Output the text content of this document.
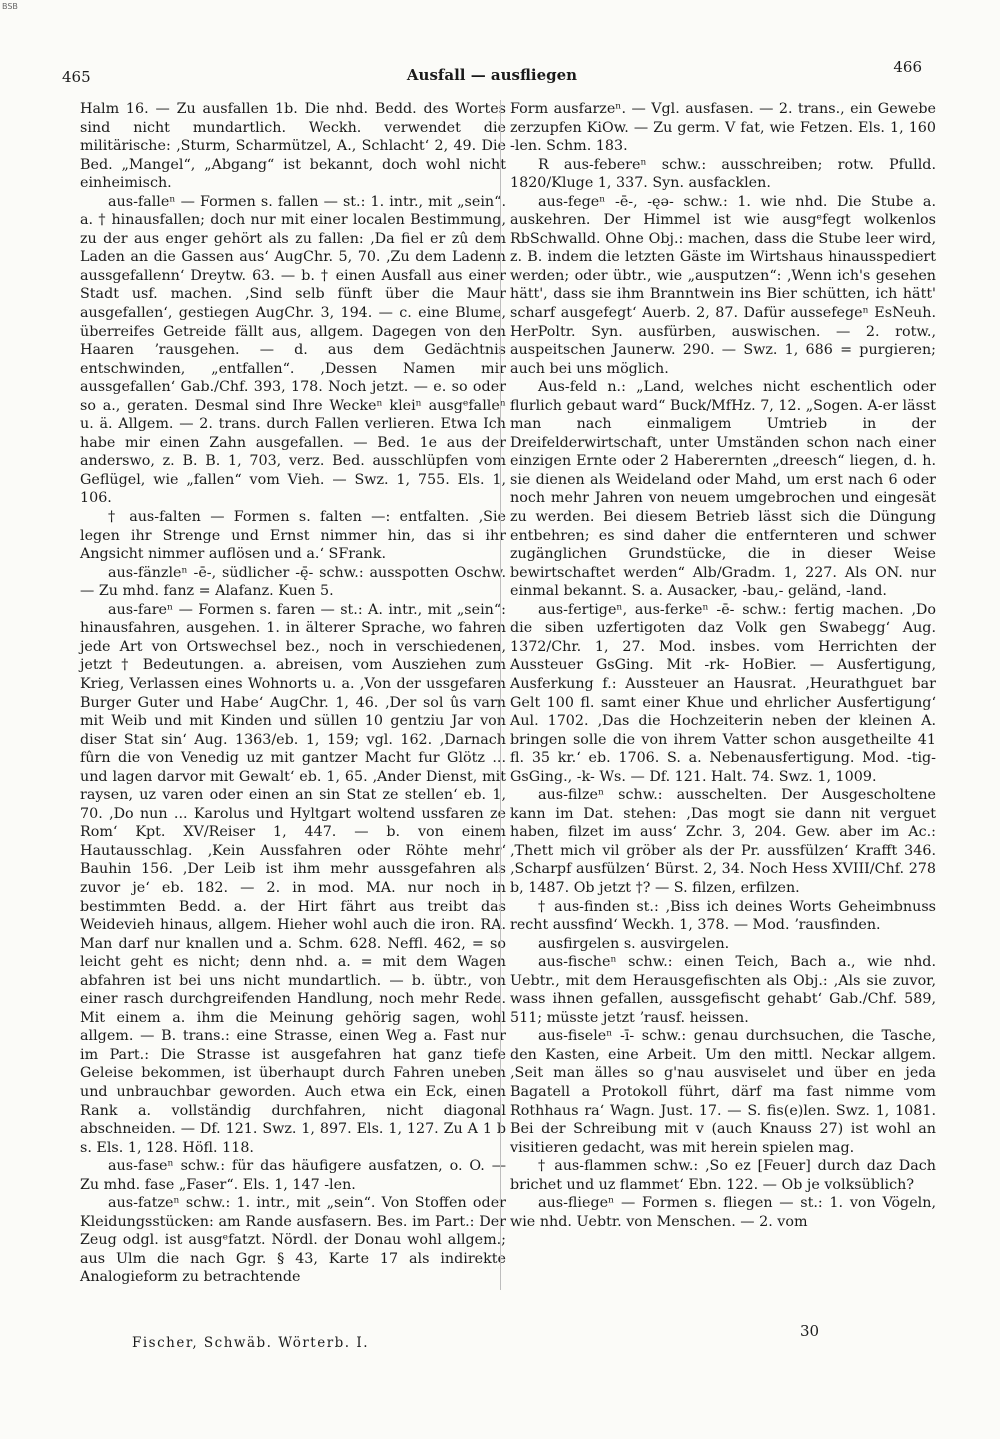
BSB
465	Ausfall — ausfliegen	466

Halm 16. — Zu ausfallen 1b. Die nhd. Bedd. des Wortes sind nicht mundartlich. Weckh. verwendet die militärische: ‚Sturm, Scharmützel, A., Schlacht‘ 2, 49. Die Bed. „Mangel“, „Abgang“ ist bekannt, doch wohl nicht einheimisch.

aus-falleⁿ — Formen s. fallen — st.: 1. intr., mit „sein“. a. † hinausfallen; doch nur mit einer localen Bestimmung, zu der aus enger gehört als zu fallen: ‚Da fiel er zû dem Laden an die Gassen aus‘ AugChr. 5, 70. ‚Zu dem Ladenn aussgefallenn‘ Dreytw. 63. — b. † einen Ausfall aus einer Stadt usf. machen. ‚Sind selb fünft über die Maur ausgefallen‘, gestiegen AugChr. 3, 194. — c. eine Blume, überreifes Getreide fällt aus, allgem. Dagegen von den Haaren ʼrausgehen. — d. aus dem Gedächtnis entschwinden, „entfallen“. ‚Dessen Namen mir aussgefallen‘ Gab./Chf. 393, 178. Noch jetzt. — e. so oder so a., geraten. Desmal sind Ihre Weckeⁿ kleiⁿ ausgᵉfalleⁿ u. ä. Allgem. — 2. trans. durch Fallen verlieren. Etwa Ich habe mir einen Zahn ausgefallen. — Bed. 1e aus der anderswo, z. B. B. 1, 703, verz. Bed. ausschlüpfen vom Geflügel, wie „fallen“ vom Vieh. — Swz. 1, 755. Els. 1, 106.

† aus-falten — Formen s. falten —: entfalten. ‚Sie legen ihr Strenge und Ernst nimmer hin, das si ihr Angsicht nimmer auflösen und a.‘ SFrank.

aus-fänzleⁿ -ē-, südlicher -ę̄- schw.: ausspotten Oschw. — Zu mhd. fanz = Alafanz. Kuen 5.

aus-fareⁿ — Formen s. faren — st.: A. intr., mit „sein“: hinausfahren, ausgehen. 1. in älterer Sprache, wo fahren jede Art von Ortswechsel bez., noch in verschiedenen, jetzt † Bedeutungen. a. abreisen, vom Ausziehen zum Krieg, Verlassen eines Wohnorts u. a. ‚Von der ussgefaren Burger Guter und Habe‘ AugChr. 1, 46. ‚Der sol ûs varn mit Weib und mit Kinden und süllen 10 gentziu Jar von diser Stat sin‘ Aug. 1363/eb. 1, 159; vgl. 162. ‚Darnach fûrn die von Venedig uz mit gantzer Macht fur Glötz ... und lagen darvor mit Gewalt‘ eb. 1, 65. ‚Ander Dienst, mit raysen, uz varen oder einen an sin Stat ze stellen‘ eb. 1, 70. ‚Do nun ... Karolus und Hyltgart woltend ussfaren ze Rom‘ Kpt. XV/Reiser 1, 447. — b. von einem Hautausschlag. ‚Kein Aussfahren oder Röhte mehr‘ Bauhin 156. ‚Der Leib ist ihm mehr aussgefahren als zuvor je‘ eb. 182. — 2. in mod. MA. nur noch in bestimmten Bedd. a. der Hirt fährt aus treibt das Weidevieh hinaus, allgem. Hieher wohl auch die iron. RA. Man darf nur knallen und a. Schm. 628. Neffl. 462, = so leicht geht es nicht; denn nhd. a. = mit dem Wagen abfahren ist bei uns nicht mundartlich. — b. übtr., von einer rasch durchgreifenden Handlung, noch mehr Rede. Mit einem a. ihm die Meinung gehörig sagen, wohl allgem. — B. trans.: eine Strasse, einen Weg a. Fast nur im Part.: Die Strasse ist ausgefahren hat ganz tiefe Geleise bekommen, ist überhaupt durch Fahren uneben und unbrauchbar geworden. Auch etwa ein Eck, einen Rank a. vollständig durchfahren, nicht diagonal abschneiden. — Df. 121. Swz. 1, 897. Els. 1, 127. Zu A 1 b s. Els. 1, 128. Höfl. 118.

aus-faseⁿ schw.: für das häufigere ausfatzen, o. O. — Zu mhd. fase „Faser“. Els. 1, 147 -len.

aus-fatzeⁿ schw.: 1. intr., mit „sein“. Von Stoffen oder Kleidungsstücken: am Rande ausfasern. Bes. im Part.: Der Zeug odgl. ist ausgᵉfatzt. Nördl. der Donau wohl allgem.; aus Ulm die nach Ggr. § 43, Karte 17 als indirekte Analogieform zu betrachtende

Form ausfarzeⁿ. — Vgl. ausfasen. — 2. trans., ein Gewebe zerzupfen KiOw. — Zu germ. V fat, wie Fetzen. Els. 1, 160 -len. Schm. 183.

R aus-febereⁿ schw.: ausschreiben; rotw. Pfulld. 1820/Kluge 1, 337. Syn. ausfacklen.

aus-fegeⁿ -ē-, -ęə- schw.: 1. wie nhd. Die Stube a. auskehren. Der Himmel ist wie ausgᵉfegt wolkenlos RbSchwalld. Ohne Obj.: machen, dass die Stube leer wird, z. B. indem die letzten Gäste im Wirtshaus hinausspediert werden; oder übtr., wie „ausputzen“: ‚Wenn ich's gesehen hätt', dass sie ihm Branntwein ins Bier schütten, ich hätt' scharf ausgefegt‘ Auerb. 2, 87. Dafür aussefegeⁿ EsNeuh. HerPoltr. Syn. ausfürben, auswischen. — 2. rotw., auspeitschen Jaunerw. 290. — Swz. 1, 686 = purgieren; auch bei uns möglich.

Aus-feld n.: „Land, welches nicht eschentlich oder flurlich gebaut ward“ Buck/MfHz. 7, 12. „Sogen. A-er lässt man nach einmaligem Umtrieb in der Dreifelderwirtschaft, unter Umständen schon nach einer einzigen Ernte oder 2 Haberernten „dreesch“ liegen, d. h. sie dienen als Weideland oder Mahd, um erst nach 6 oder noch mehr Jahren von neuem umgebrochen und eingesät zu werden. Bei diesem Betrieb lässt sich die Düngung entbehren; es sind daher die entfernteren und schwer zugänglichen Grundstücke, die in dieser Weise bewirtschaftet werden“ Alb/Gradm. 1, 227. Als ON. nur einmal bekannt. S. a. Ausacker, -bau,- geländ, -land.

aus-fertigeⁿ, aus-ferkeⁿ -ē- schw.: fertig machen. ‚Do die siben uzfertigoten daz Volk gen Swabegg‘ Aug. 1372/Chr. 1, 27. Mod. insbes. vom Herrichten der Aussteuer GsGing. Mit -rk- HoBier. — Ausfertigung, Ausferkung f.: Aussteuer an Hausrat. ‚Heurathguet bar Gelt 100 fl. samt einer Khue und ehrlicher Ausfertigung‘ Aul. 1702. ‚Das die Hochzeiterin neben der kleinen A. bringen solle die von ihrem Vatter schon ausgetheilte 41 fl. 35 kr.‘ eb. 1706. S. a. Nebenausfertigung. Mod. -tig- GsGing., -k- Ws. — Df. 121. Halt. 74. Swz. 1, 1009.

aus-filzeⁿ schw.: ausschelten. Der Ausgescholtene kann im Dat. stehen: ‚Das mogt sie dann nit verguet haben, filzet im auss‘ Zchr. 3, 204. Gew. aber im Ac.: ‚Thett mich vil gröber als der Pr. aussfülzen‘ Krafft 346. ‚Scharpf ausfülzen‘ Bürst. 2, 34. Noch Hess XVIII/Chf. 278 b, 1487. Ob jetzt †? — S. filzen, erfilzen.

† aus-finden st.: ‚Biss ich deines Worts Geheimbnuss recht aussfind‘ Weckh. 1, 378. — Mod. ʼrausfinden.

ausfirgelen s. ausvirgelen.

aus-fischeⁿ schw.: einen Teich, Bach a., wie nhd. Uebtr., mit dem Herausgefischten als Obj.: ‚Als sie zuvor, wass ihnen gefallen, aussgefischt gehabt‘ Gab./Chf. 589, 511; müsste jetzt ʼrausf. heissen.

aus-fiseleⁿ -ī- schw.: genau durchsuchen, die Tasche, den Kasten, eine Arbeit. Um den mittl. Neckar allgem. ‚Seit man älles so g'nau ausviselet und über en jeda Bagatell a Protokoll führt, därf ma fast nimme vom Rothhaus ra‘ Wagn. Just. 17. — S. fis(e)len. Swz. 1, 1081. Bei der Schreibung mit v (auch Knauss 27) ist wohl an visitieren gedacht, was mit herein spielen mag.

† aus-flammen schw.: ‚So ez [Feuer] durch daz Dach brichet und uz flammet‘ Ebn. 122. — Ob je volksüblich?

aus-fliegeⁿ — Formen s. fliegen — st.: 1. von Vögeln, wie nhd. Uebtr. von Menschen. — 2. vom

Fischer, Schwäb. Wörterb. I.
30
